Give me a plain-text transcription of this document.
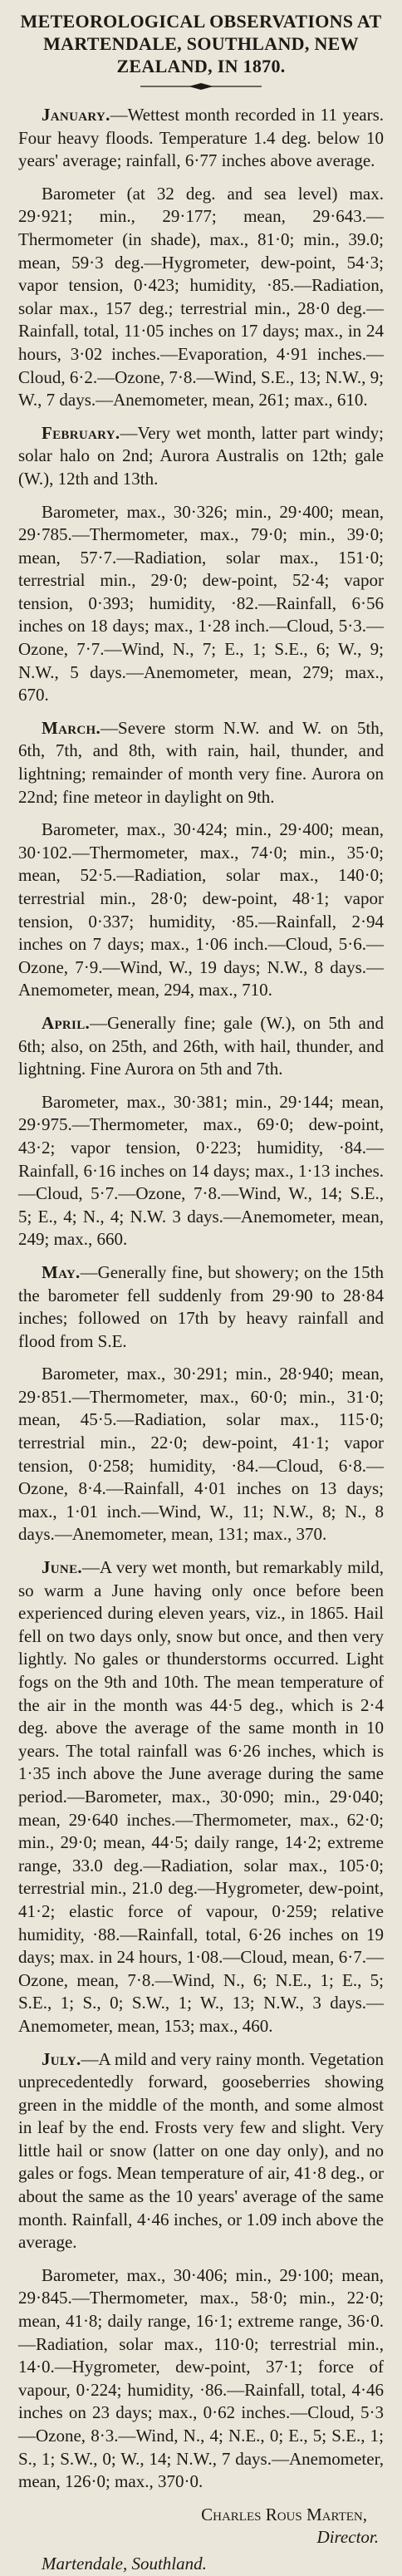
METEOROLOGICAL OBSERVATIONS AT MARTENDALE, SOUTHLAND, NEW ZEALAND, IN 1870.

January.—Wettest month recorded in 11 years. Four heavy floods. Temperature 1.4 deg. below 10 years' average; rainfall, 6·77 inches above average.

Barometer (at 32 deg. and sea level) max. 29·921; min., 29·177; mean, 29·643.—Thermometer (in shade), max., 81·0; min., 39.0; mean, 59·3 deg.—Hygrometer, dew-point, 54·3; vapor tension, 0·423; humidity, ·85.—Radiation, solar max., 157 deg.; terrestrial min., 28·0 deg.—Rainfall, total, 11·05 inches on 17 days; max., in 24 hours, 3·02 inches.—Evaporation, 4·91 inches.—Cloud, 6·2.—Ozone, 7·8.—Wind, S.E., 13; N.W., 9; W., 7 days.—Anemometer, mean, 261; max., 610.

February.—Very wet month, latter part windy; solar halo on 2nd; Aurora Australis on 12th; gale (W.), 12th and 13th.

Barometer, max., 30·326; min., 29·400; mean, 29·785.—Thermometer, max., 79·0; min., 39·0; mean, 57·7.—Radiation, solar max., 151·0; terrestrial min., 29·0; dew-point, 52·4; vapor tension, 0·393; humidity, ·82.—Rainfall, 6·56 inches on 18 days; max., 1·28 inch.—Cloud, 5·3.—Ozone, 7·7.—Wind, N., 7; E., 1; S.E., 6; W., 9; N.W., 5 days.—Anemometer, mean, 279; max., 670.

March.—Severe storm N.W. and W. on 5th, 6th, 7th, and 8th, with rain, hail, thunder, and lightning; remainder of month very fine. Aurora on 22nd; fine meteor in daylight on 9th.

Barometer, max., 30·424; min., 29·400; mean, 30·102.—Thermometer, max., 74·0; min., 35·0; mean, 52·5.—Radiation, solar max., 140·0; terrestrial min., 28·0; dew-point, 48·1; vapor tension, 0·337; humidity, ·85.—Rainfall, 2·94 inches on 7 days; max., 1·06 inch.—Cloud, 5·6.—Ozone, 7·9.—Wind, W., 19 days; N.W., 8 days.—Anemometer, mean, 294, max., 710.

April.—Generally fine; gale (W.), on 5th and 6th; also, on 25th, and 26th, with hail, thunder, and lightning. Fine Aurora on 5th and 7th.

Barometer, max., 30·381; min., 29·144; mean, 29·975.—Thermometer, max., 69·0; dew-point, 43·2; vapor tension, 0·223; humidity, ·84.—Rainfall, 6·16 inches on 14 days; max., 1·13 inches.—Cloud, 5·7.—Ozone, 7·8.—Wind, W., 14; S.E., 5; E., 4; N., 4; N.W. 3 days.—Anemometer, mean, 249; max., 660.

May.—Generally fine, but showery; on the 15th the barometer fell suddenly from 29·90 to 28·84 inches; followed on 17th by heavy rainfall and flood from S.E.

Barometer, max., 30·291; min., 28·940; mean, 29·851.—Thermometer, max., 60·0; min., 31·0; mean, 45·5.—Radiation, solar max., 115·0; terrestrial min., 22·0; dew-point, 41·1; vapor tension, 0·258; humidity, ·84.—Cloud, 6·8.—Ozone, 8·4.—Rainfall, 4·01 inches on 13 days; max., 1·01 inch.—Wind, W., 11; N.W., 8; N., 8 days.—Anemometer, mean, 131; max., 370.

June.—A very wet month, but remarkably mild, so warm a June having only once before been experienced during eleven years, viz., in 1865. Hail fell on two days only, snow but once, and then very lightly. No gales or thunderstorms occurred. Light fogs on the 9th and 10th. The mean temperature of the air in the month was 44·5 deg., which is 2·4 deg. above the average of the same month in 10 years. The total rainfall was 6·26 inches, which is 1·35 inch above the June average during the same period.—Barometer, max., 30·090; min., 29·040; mean, 29·640 inches.—Thermometer, max., 62·0; min., 29·0; mean, 44·5; daily range, 14·2; extreme range, 33.0 deg.—Radiation, solar max., 105·0; terrestrial min., 21.0 deg.—Hygrometer, dew-point, 41·2; elastic force of vapour, 0·259; relative humidity, ·88.—Rainfall, total, 6·26 inches on 19 days; max. in 24 hours, 1·08.—Cloud, mean, 6·7.—Ozone, mean, 7·8.—Wind, N., 6; N.E., 1; E., 5; S.E., 1; S., 0; S.W., 1; W., 13; N.W., 3 days.—Anemometer, mean, 153; max., 460.

July.—A mild and very rainy month. Vegetation unprecedentedly forward, gooseberries showing green in the middle of the month, and some almost in leaf by the end. Frosts very few and slight. Very little hail or snow (latter on one day only), and no gales or fogs. Mean temperature of air, 41·8 deg., or about the same as the 10 years' average of the same month. Rainfall, 4·46 inches, or 1.09 inch above the average.

Barometer, max., 30·406; min., 29·100; mean, 29·845.—Thermometer, max., 58·0; min., 22·0; mean, 41·8; daily range, 16·1; extreme range, 36·0.—Radiation, solar max., 110·0; terrestrial min., 14·0.—Hygrometer, dew-point, 37·1; force of vapour, 0·224; humidity, ·86.—Rainfall, total, 4·46 inches on 23 days; max., 0·62 inches.—Cloud, 5·3—Ozone, 8·3.—Wind, N., 4; N.E., 0; E., 5; S.E., 1; S., 1; S.W., 0; W., 14; N.W., 7 days.—Anemometer, mean, 126·0; max., 370·0.

Charles Rous Marten,
Director.
Martendale, Southland.
